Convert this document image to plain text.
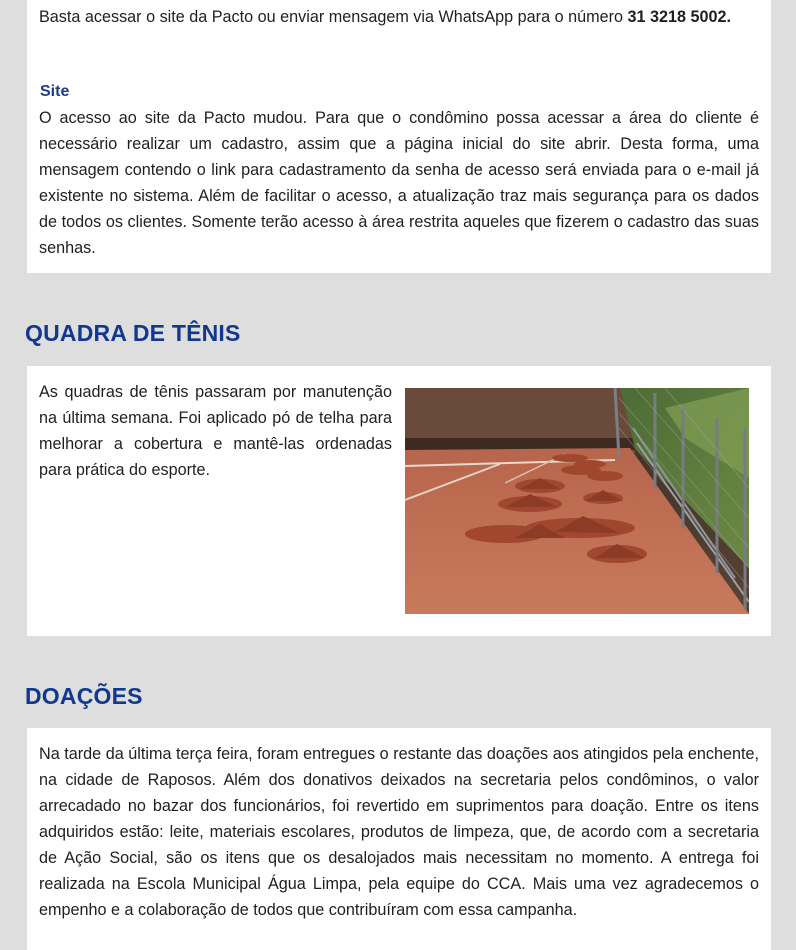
Basta acessar o site da Pacto ou enviar mensagem via WhatsApp para o número 31 3218 5002.

Site

O acesso ao site da Pacto mudou. Para que o condômino possa acessar a área do cliente é necessário realizar um cadastro, assim que a página inicial do site abrir. Desta forma, uma mensagem contendo o link para cadastramento da senha de acesso será enviada para o e-mail já existente no sistema. Além de facilitar o acesso, a atualização traz mais segurança para os dados de todos os clientes. Somente terão acesso à área restrita aqueles que fizerem o cadastro das suas senhas.

QUADRA DE TÊNIS

As quadras de tênis passaram por manutenção na última semana. Foi aplicado pó de telha para melhorar a cobertura e mantê-las ordenadas para prática do esporte.

DOAÇÕES

Na tarde da última terça feira, foram entregues o restante das doações aos atingidos pela enchente, na cidade de Raposos. Além dos donativos deixados na secretaria pelos condôminos, o valor arrecadado no bazar dos funcionários, foi revertido em suprimentos para doação. Entre os itens adquiridos estão: leite, materiais escolares, produtos de limpeza, que, de acordo com a secretaria de Ação Social, são os itens que os desalojados mais necessitam no momento. A entrega foi realizada na Escola Municipal Água Limpa, pela equipe do CCA. Mais uma vez agradecemos o empenho e a colaboração de todos que contribuíram com essa campanha.
